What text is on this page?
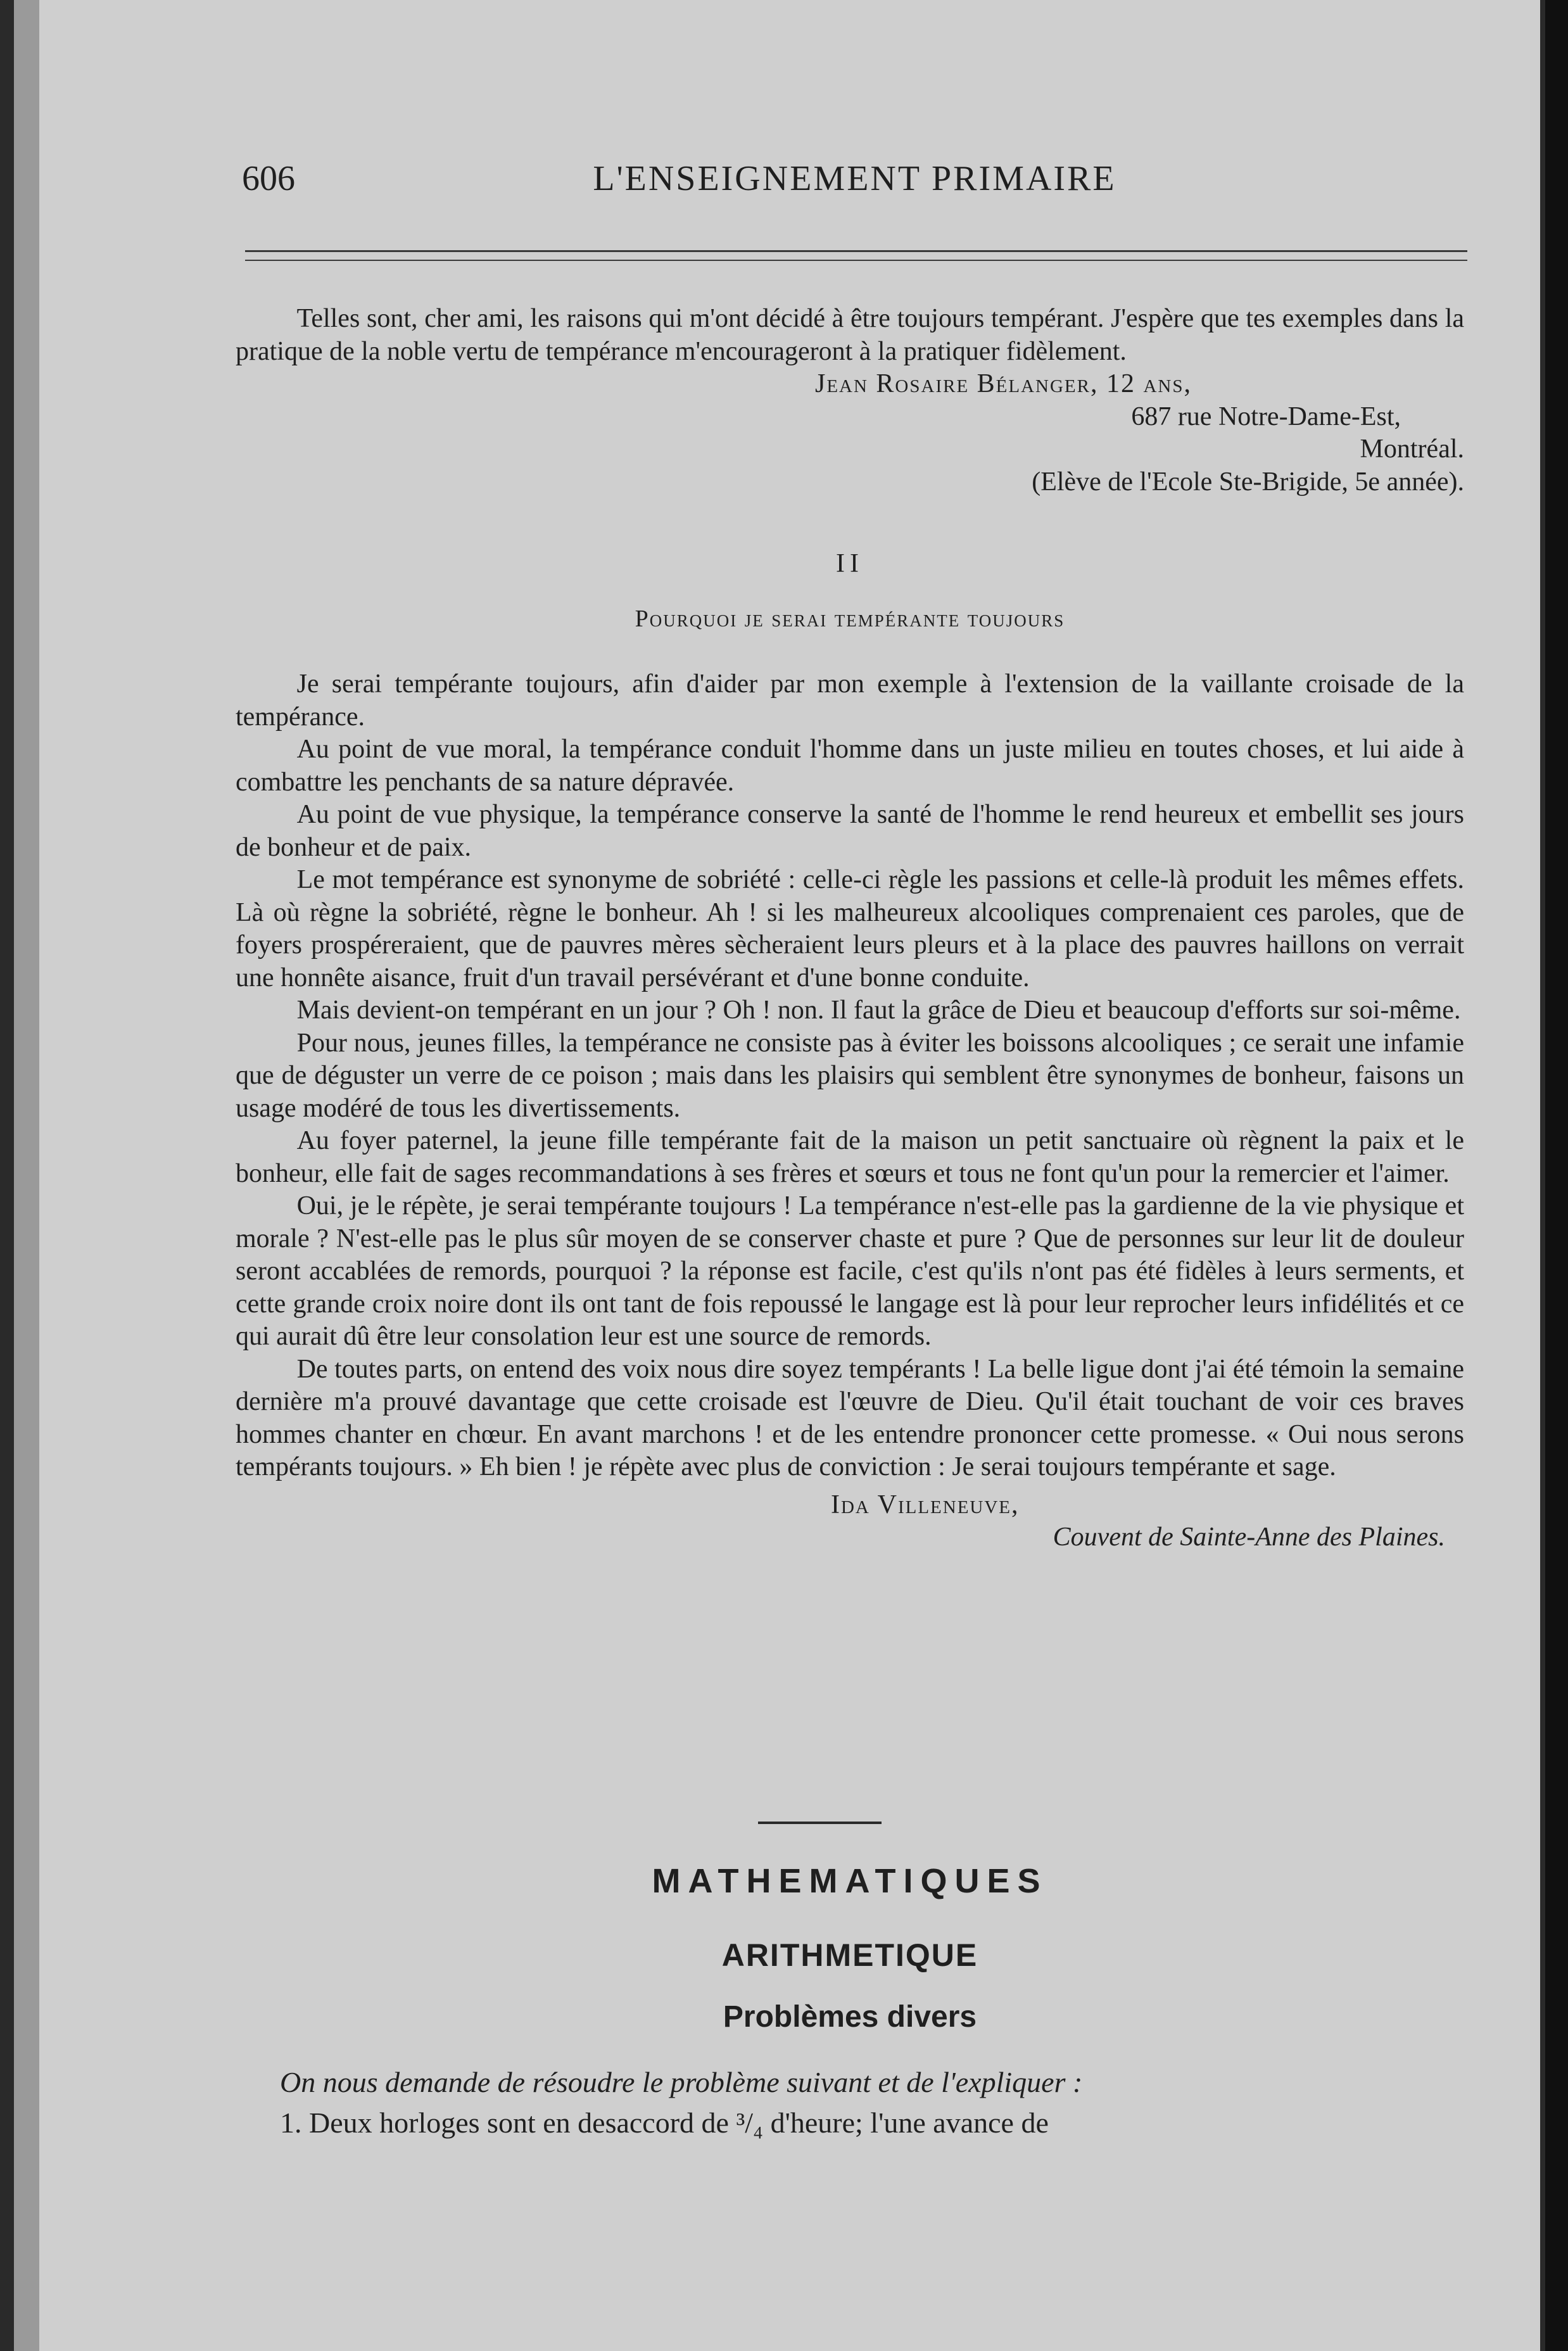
606	L'ENSEIGNEMENT PRIMAIRE

Telles sont, cher ami, les raisons qui m'ont décidé à être toujours tempérant. J'espère que tes exemples dans la pratique de la noble vertu de tempérance m'encourageront à la pratiquer fidèlement.

Jean Rosaire Bélanger, 12 ans,
687 rue Notre-Dame-Est,
Montréal.
(Elève de l'Ecole Ste-Brigide, 5e année).
II
Pourquoi je serai tempérante toujours

Je serai tempérante toujours, afin d'aider par mon exemple à l'extension de la vaillante croisade de la tempérance.

Au point de vue moral, la tempérance conduit l'homme dans un juste milieu en toutes choses, et lui aide à combattre les penchants de sa nature dépravée.

Au point de vue physique, la tempérance conserve la santé de l'homme le rend heureux et embellit ses jours de bonheur et de paix.

Le mot tempérance est synonyme de sobriété : celle-ci règle les passions et celle-là produit les mêmes effets. Là où règne la sobriété, règne le bonheur. Ah ! si les malheureux alcooliques comprenaient ces paroles, que de foyers prospéreraient, que de pauvres mères sècheraient leurs pleurs et à la place des pauvres haillons on verrait une honnête aisance, fruit d'un travail persévérant et d'une bonne conduite.

Mais devient-on tempérant en un jour ? Oh ! non. Il faut la grâce de Dieu et beaucoup d'efforts sur soi-même.

Pour nous, jeunes filles, la tempérance ne consiste pas à éviter les boissons alcooliques ; ce serait une infamie que de déguster un verre de ce poison ; mais dans les plaisirs qui semblent être synonymes de bonheur, faisons un usage modéré de tous les divertissements.

Au foyer paternel, la jeune fille tempérante fait de la maison un petit sanctuaire où règnent la paix et le bonheur, elle fait de sages recommandations à ses frères et sœurs et tous ne font qu'un pour la remercier et l'aimer.

Oui, je le répète, je serai tempérante toujours ! La tempérance n'est-elle pas la gardienne de la vie physique et morale ? N'est-elle pas le plus sûr moyen de se conserver chaste et pure ? Que de personnes sur leur lit de douleur seront accablées de remords, pourquoi ? la réponse est facile, c'est qu'ils n'ont pas été fidèles à leurs serments, et cette grande croix noire dont ils ont tant de fois repoussé le langage est là pour leur reprocher leurs infidélités et ce qui aurait dû être leur consolation leur est une source de remords.

De toutes parts, on entend des voix nous dire soyez tempérants ! La belle ligue dont j'ai été témoin la semaine dernière m'a prouvé davantage que cette croisade est l'œuvre de Dieu. Qu'il était touchant de voir ces braves hommes chanter en chœur. En avant marchons ! et de les entendre prononcer cette promesse. « Oui nous serons tempérants toujours. » Eh bien ! je répète avec plus de conviction : Je serai toujours tempérante et sage.

Ida Villeneuve,
Couvent de Sainte-Anne des Plaines.
MATHEMATIQUES
ARITHMETIQUE
Problèmes divers
On nous demande de résoudre le problème suivant et de l'expliquer :
1. Deux horloges sont en desaccord de ³/₄ d'heure; l'une avance de
